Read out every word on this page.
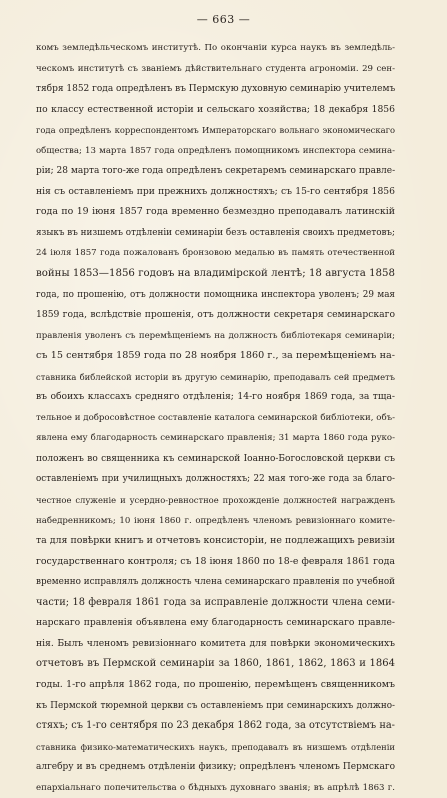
— 663 —
комъ земледѣльческомъ институтѣ. По окончаніи курса наукъ въ земледѣль-
ческомъ институтѣ съ званіемъ дѣйствительнаго студента агрономіи. 29 сен-
тября 1852 года опредѣленъ въ Пермскую духовную семинарію учителемъ
по классу естественной исторіи и сельскаго хозяйства; 18 декабря 1856
года опредѣленъ корреспондентомъ Императорскаго вольнаго экономическаго
общества; 13 марта 1857 года опредѣленъ помощникомъ инспектора семина-
ріи; 28 марта того-же года опредѣленъ секретаремъ семинарскаго правле-
нія съ оставленіемъ при прежнихъ должностяхъ; съ 15-го сентября 1856
года по 19 іюня 1857 года временно безмездно преподавалъ латинскій
языкъ въ низшемъ отдѣленіи семинаріи безъ оставленія своихъ предметовъ;
24 іюля 1857 года пожалованъ бронзовою медалью въ память отечественной
войны 1853—1856 годовъ на владимірской лентѣ; 18 августа 1858
года, по прошенію, отъ должности помощника инспектора уволенъ; 29 мая
1859 года, вслѣдствіе прошенія, отъ должности секретаря семинарскаго
правленія уволенъ съ перемѣщеніемъ на должность библіотекаря семинаріи;
съ 15 сентября 1859 года по 28 ноября 1860 г., за перемѣщеніемъ на-
ставника библейской исторіи въ другую семинарію, преподавалъ сей предметъ
въ обоихъ классахъ средняго отдѣленія; 14-го ноября 1869 года, за тща-
тельное и добросовѣстное составленіе каталога семинарской библіотеки, объ-
явлена ему благодарность семинарскаго правленія; 31 марта 1860 года руко-
положенъ во священника къ семинарской Іоанно-Богословской церкви съ
оставленіемъ при училищныхъ должностяхъ; 22 мая того-же года за благо-
честное служеніе и усердно-ревностное прохожденіе должностей награжденъ
набедренникомъ; 10 іюня 1860 г. опредѣленъ членомъ ревизіоннаго комите-
та для повѣрки книгъ и отчетовъ консисторіи, не подлежащихъ ревизіи
государственнаго контроля; съ 18 іюня 1860 по 18-е февраля 1861 года
временно исправлялъ должность члена семинарскаго правленія по учебной
части; 18 февраля 1861 года за исправленіе должности члена семи-
нарскаго правленія объявлена ему благодарность семинарскаго правле-
нія. Былъ членомъ ревизіоннаго комитета для повѣрки экономическихъ
отчетовъ въ Пермской семинаріи за 1860, 1861, 1862, 1863 и 1864
годы. 1-го апрѣля 1862 года, по прошенію, перемѣщенъ священникомъ
къ Пермской тюремной церкви съ оставленіемъ при семинарскихъ должно-
стяхъ; съ 1-го сентября по 23 декабря 1862 года, за отсутствіемъ на-
ставника физико-математическихъ наукъ, преподавалъ въ низшемъ отдѣленіи
алгебру и въ среднемъ отдѣленіи физику; опредѣленъ членомъ Пермскаго
епархіальнаго попечительства о бѣдныхъ духовнаго званія; въ апрѣлѣ 1863 г.
